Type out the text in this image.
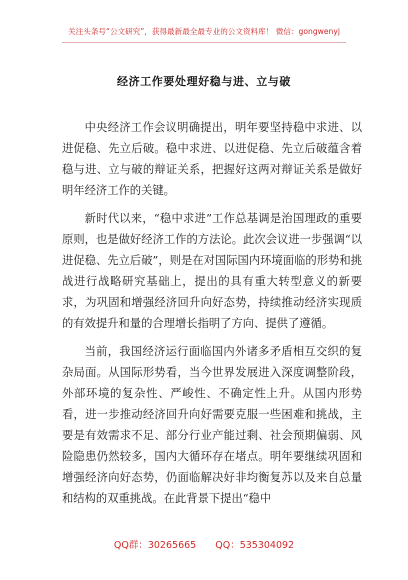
关注头条号“公文研究”，获得最新最全最专业的公文资料库！ 微信：gongwenyj
经济工作要处理好稳与进、立与破

中央经济工作会议明确提出，明年要坚持稳中求进、以进促稳、先立后破。稳中求进、以进促稳、先立后破蕴含着稳与进、立与破的辩证关系，把握好这两对辩证关系是做好明年经济工作的关键。

新时代以来，“稳中求进”工作总基调是治国理政的重要原则，也是做好经济工作的方法论。此次会议进一步强调“以进促稳、先立后破”，则是在对国际国内环境面临的形势和挑战进行战略研究基础上，提出的具有重大转型意义的新要求，为巩固和增强经济回升向好态势，持续推动经济实现质的有效提升和量的合理增长指明了方向、提供了遵循。

当前，我国经济运行面临国内外诸多矛盾相互交织的复杂局面。从国际形势看，当今世界发展进入深度调整阶段，外部环境的复杂性、严峻性、不确定性上升。从国内形势看，进一步推动经济回升向好需要克服一些困难和挑战，主要是有效需求不足、部分行业产能过剩、社会预期偏弱、风险隐患仍然较多，国内大循环存在堵点。明年要继续巩固和增强经济向好态势，仍面临解决好非均衡复苏以及来自总量和结构的双重挑战。在此背景下提出“稳中

QQ群：30265665 QQ：535304092
